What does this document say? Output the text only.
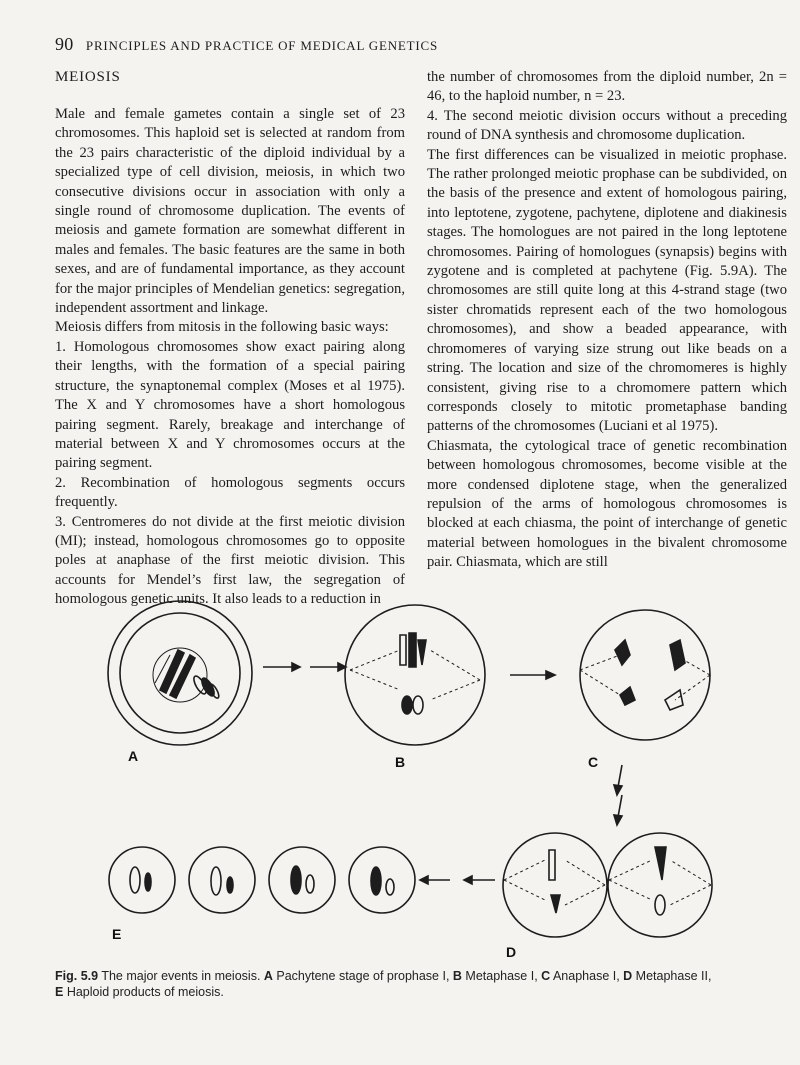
90 PRINCIPLES AND PRACTICE OF MEDICAL GENETICS
MEIOSIS

Male and female gametes contain a single set of 23 chromosomes. This haploid set is selected at random from the 23 pairs characteristic of the diploid individual by a specialized type of cell division, meiosis, in which two consecutive divisions occur in association with only a single round of chromosome duplication. The events of meiosis and gamete formation are somewhat different in males and females. The basic features are the same in both sexes, and are of fundamental importance, as they account for the major principles of Mendelian genetics: segregation, independent assortment and linkage.

Meiosis differs from mitosis in the following basic ways:

1. Homologous chromosomes show exact pairing along their lengths, with the formation of a special pairing structure, the synaptonemal complex (Moses et al 1975). The X and Y chromosomes have a short homologous pairing segment. Rarely, breakage and interchange of material between X and Y chromosomes occurs at the pairing segment.

2. Recombination of homologous segments occurs frequently.

3. Centromeres do not divide at the first meiotic division (MI); instead, homologous chromosomes go to opposite poles at anaphase of the first meiotic division. This accounts for Mendel’s first law, the segregation of homologous genetic units. It also leads to a reduction in

the number of chromosomes from the diploid number, 2n = 46, to the haploid number, n = 23.

4. The second meiotic division occurs without a preceding round of DNA synthesis and chromosome duplication.

The first differences can be visualized in meiotic prophase. The rather prolonged meiotic prophase can be subdivided, on the basis of the presence and extent of homologous pairing, into leptotene, zygotene, pachytene, diplotene and diakinesis stages. The homologues are not paired in the long leptotene chromosomes. Pairing of homologues (synapsis) begins with zygotene and is completed at pachytene (Fig. 5.9A). The chromosomes are still quite long at this 4-strand stage (two sister chromatids represent each of the two homologous chromosomes), and show a beaded appearance, with chromomeres of varying size strung out like beads on a string. The location and size of the chromomeres is highly consistent, giving rise to a chromomere pattern which corresponds closely to mitotic prometaphase banding patterns of the chromosomes (Luciani et al 1975).

Chiasmata, the cytological trace of genetic recombination between homologous chromosomes, become visible at the more condensed diplotene stage, when the generalized repulsion of the arms of homologous chromosomes is blocked at each chiasma, the point of interchange of genetic material between homologues in the bivalent chromosome pair. Chiasmata, which are still

A	B	C
D
E
Fig. 5.9 The major events in meiosis. A Pachytene stage of prophase I, B Metaphase I, C Anaphase I, D Metaphase II,
E Haploid products of meiosis.
